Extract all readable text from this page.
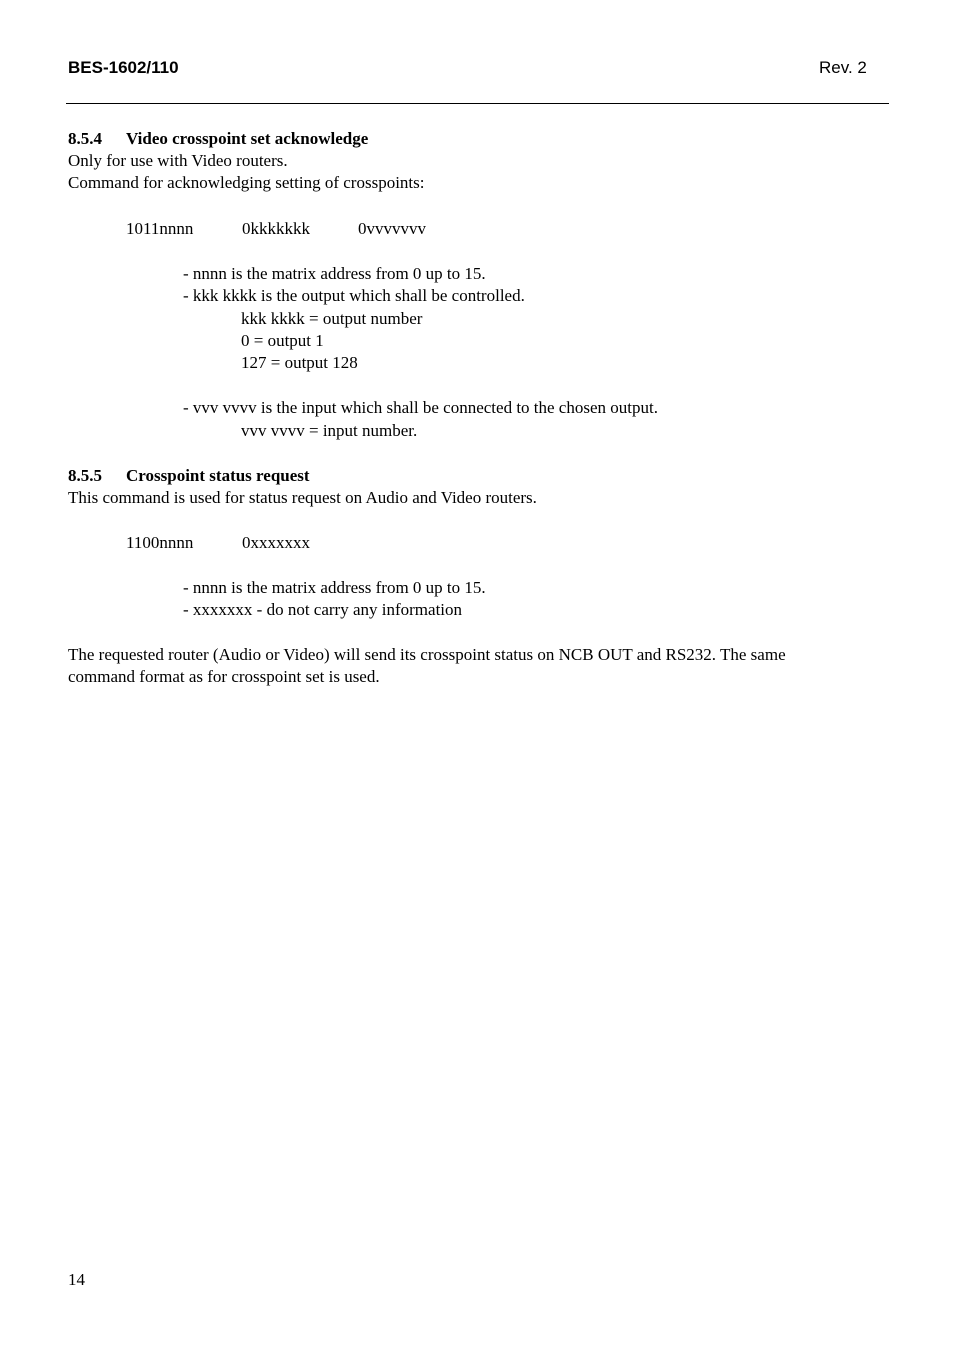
BES-1602/110	Rev. 2
8.5.4 Video crosspoint set acknowledge
Only for use with Video routers.
Command for acknowledging setting of crosspoints:
1011nnnn	0kkkkkkk	0vvvvvvv
- nnnn is the matrix address from 0 up to 15.
- kkk kkkk is the output which shall be controlled.
kkk kkkk = output number
0 = output 1
127 = output 128
- vvv vvvv is the input which shall be connected to the chosen output.
vvv vvvv = input number.
8.5.5 Crosspoint status request
This command is used for status request on Audio and Video routers.
1100nnnn	0xxxxxxx
- nnnn is the matrix address from 0 up to 15.
- xxxxxxx - do not carry any information
The requested router (Audio or Video) will send its crosspoint status on NCB OUT and RS232. The same
command format as for crosspoint set is used.
14
